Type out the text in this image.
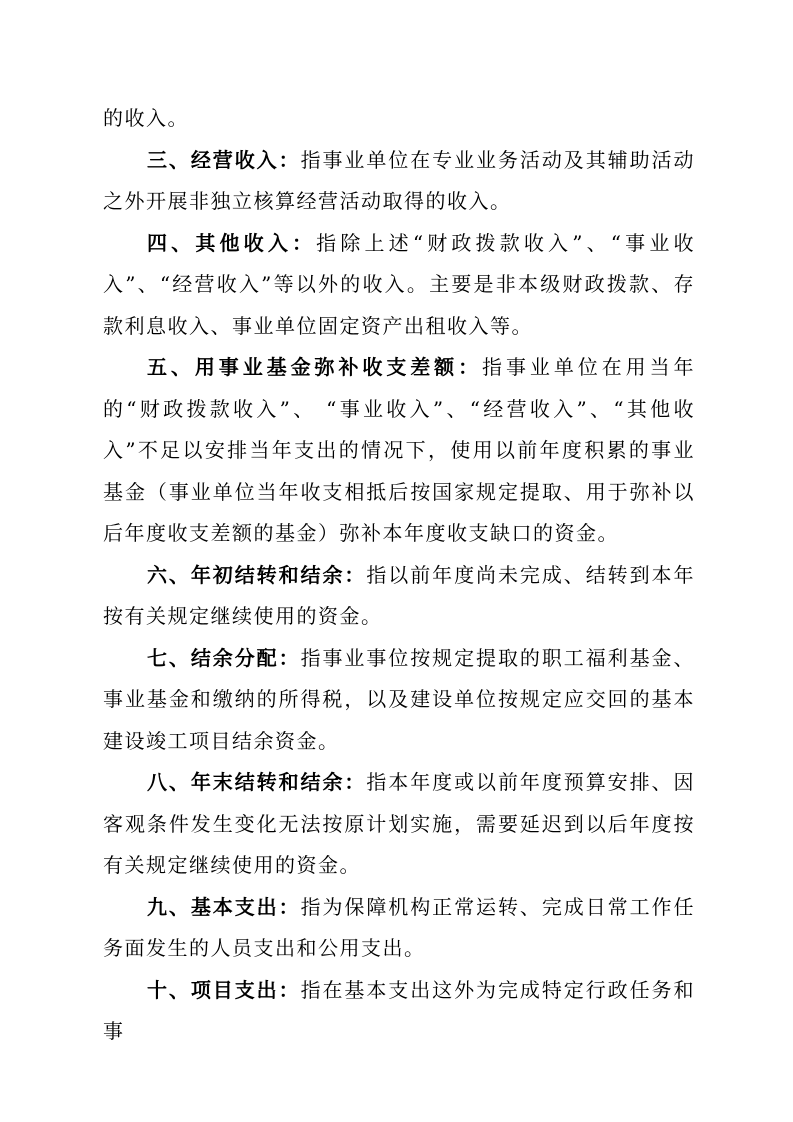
的收入。

三、经营收入：指事业单位在专业业务活动及其辅助活动之外开展非独立核算经营活动取得的收入。

四、其他收入：指除上述“财政拨款收入”、“事业收入”、“经营收入”等以外的收入。主要是非本级财政拨款、存款利息收入、事业单位固定资产出租收入等。

五、用事业基金弥补收支差额：指事业单位在用当年的“财政拨款收入”、 “事业收入”、“经营收入”、“其他收入”不足以安排当年支出的情况下，使用以前年度积累的事业基金（事业单位当年收支相抵后按国家规定提取、用于弥补以后年度收支差额的基金）弥补本年度收支缺口的资金。

六、年初结转和结余：指以前年度尚未完成、结转到本年按有关规定继续使用的资金。

七、结余分配：指事业事位按规定提取的职工福利基金、事业基金和缴纳的所得税，以及建设单位按规定应交回的基本建设竣工项目结余资金。

八、年末结转和结余：指本年度或以前年度预算安排、因客观条件发生变化无法按原计划实施，需要延迟到以后年度按有关规定继续使用的资金。

九、基本支出：指为保障机构正常运转、完成日常工作任务面发生的人员支出和公用支出。

十、项目支出：指在基本支出这外为完成特定行政任务和事
